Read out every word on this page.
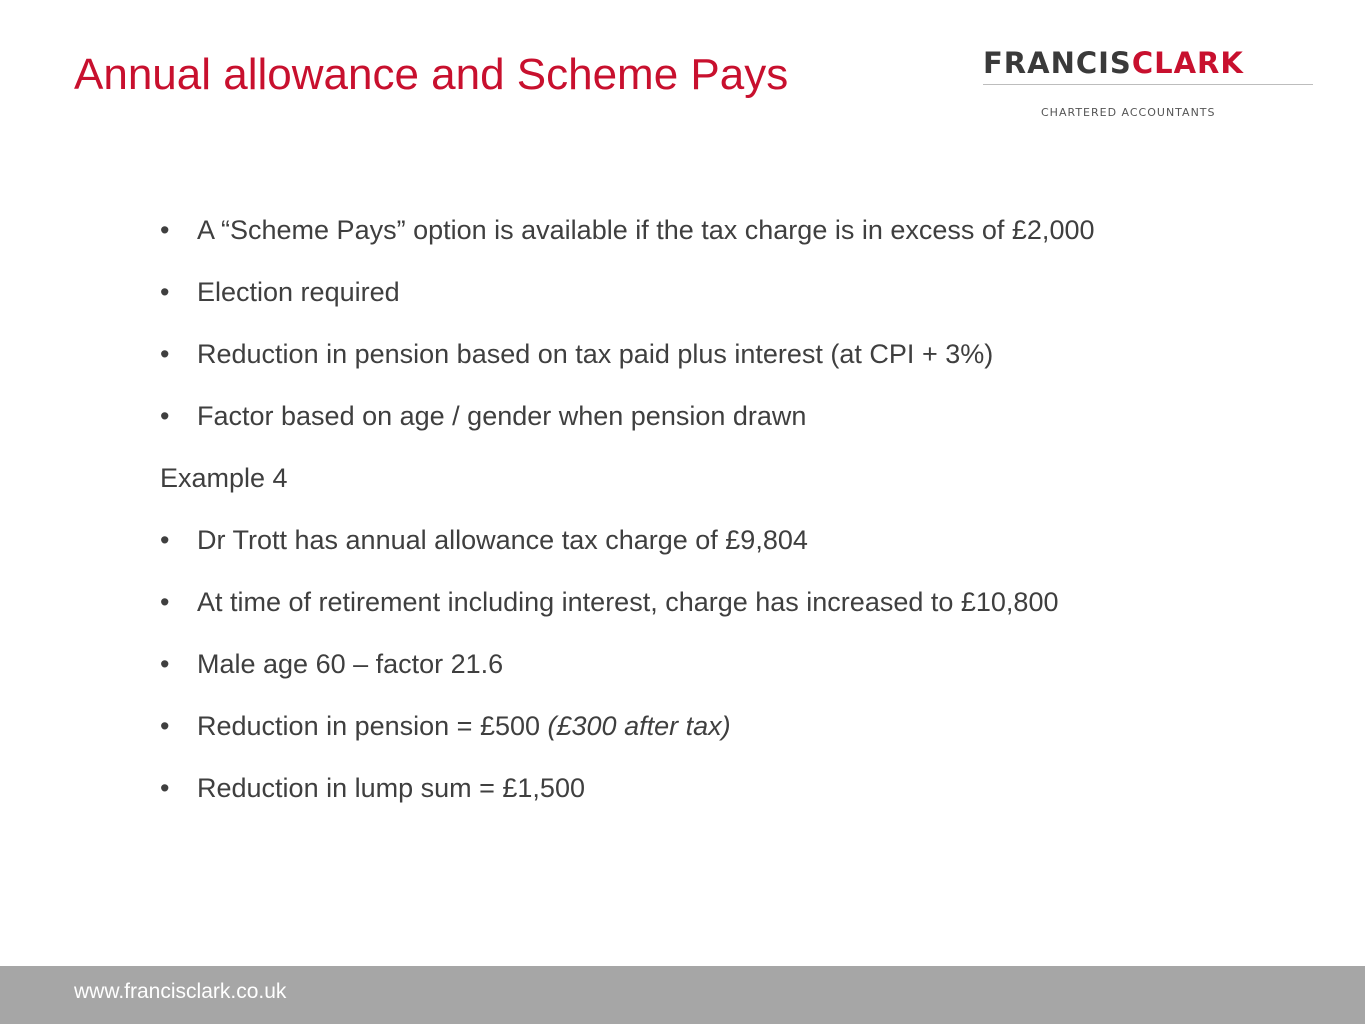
Annual allowance and Scheme Pays	FRANCISCLARK
CHARTERED ACCOUNTANTS

• A “Scheme Pays” option is available if the tax charge is in excess of £2,000

• Election required

• Reduction in pension based on tax paid plus interest (at CPI + 3%)

• Factor based on age / gender when pension drawn

Example 4

• Dr Trott has annual allowance tax charge of £9,804

• At time of retirement including interest, charge has increased to £10,800

• Male age 60 – factor 21.6

• Reduction in pension = £500 (£300 after tax)

• Reduction in lump sum = £1,500

www.francisclark.co.uk
